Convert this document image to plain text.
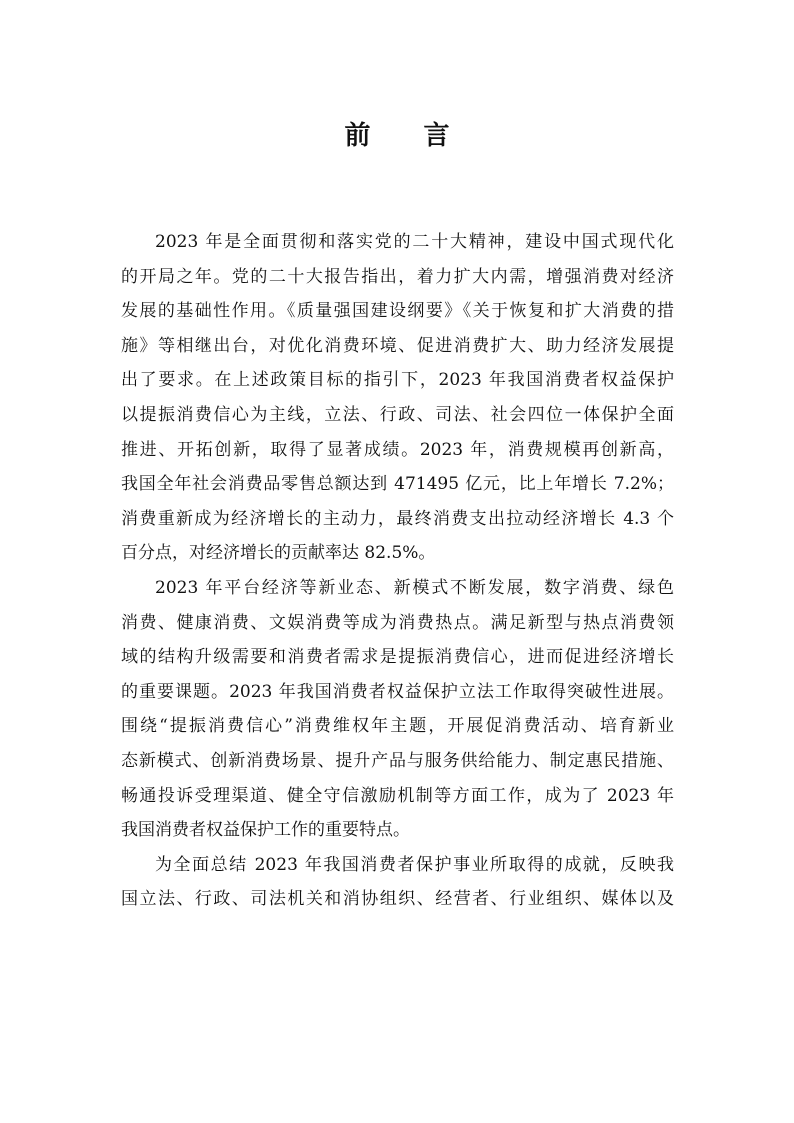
前 言
2023 年是全面贯彻和落实党的二十大精神，建设中国式现代化
的开局之年。党的二十大报告指出，着力扩大内需，增强消费对经济
发展的基础性作用。《质量强国建设纲要》《关于恢复和扩大消费的措
施》等相继出台，对优化消费环境、促进消费扩大、助力经济发展提
出了要求。在上述政策目标的指引下，2023 年我国消费者权益保护
以提振消费信心为主线，立法、行政、司法、社会四位一体保护全面
推进、开拓创新，取得了显著成绩。2023 年，消费规模再创新高，
我国全年社会消费品零售总额达到 471495 亿元，比上年增长 7.2%；
消费重新成为经济增长的主动力，最终消费支出拉动经济增长 4.3 个
百分点，对经济增长的贡献率达 82.5%。
2023 年平台经济等新业态、新模式不断发展，数字消费、绿色
消费、健康消费、文娱消费等成为消费热点。满足新型与热点消费领
域的结构升级需要和消费者需求是提振消费信心，进而促进经济增长
的重要课题。2023 年我国消费者权益保护立法工作取得突破性进展。
围绕“提振消费信心”消费维权年主题，开展促消费活动、培育新业
态新模式、创新消费场景、提升产品与服务供给能力、制定惠民措施、
畅通投诉受理渠道、健全守信激励机制等方面工作，成为了 2023 年
我国消费者权益保护工作的重要特点。
为全面总结 2023 年我国消费者保护事业所取得的成就，反映我
国立法、行政、司法机关和消协组织、经营者、行业组织、媒体以及
